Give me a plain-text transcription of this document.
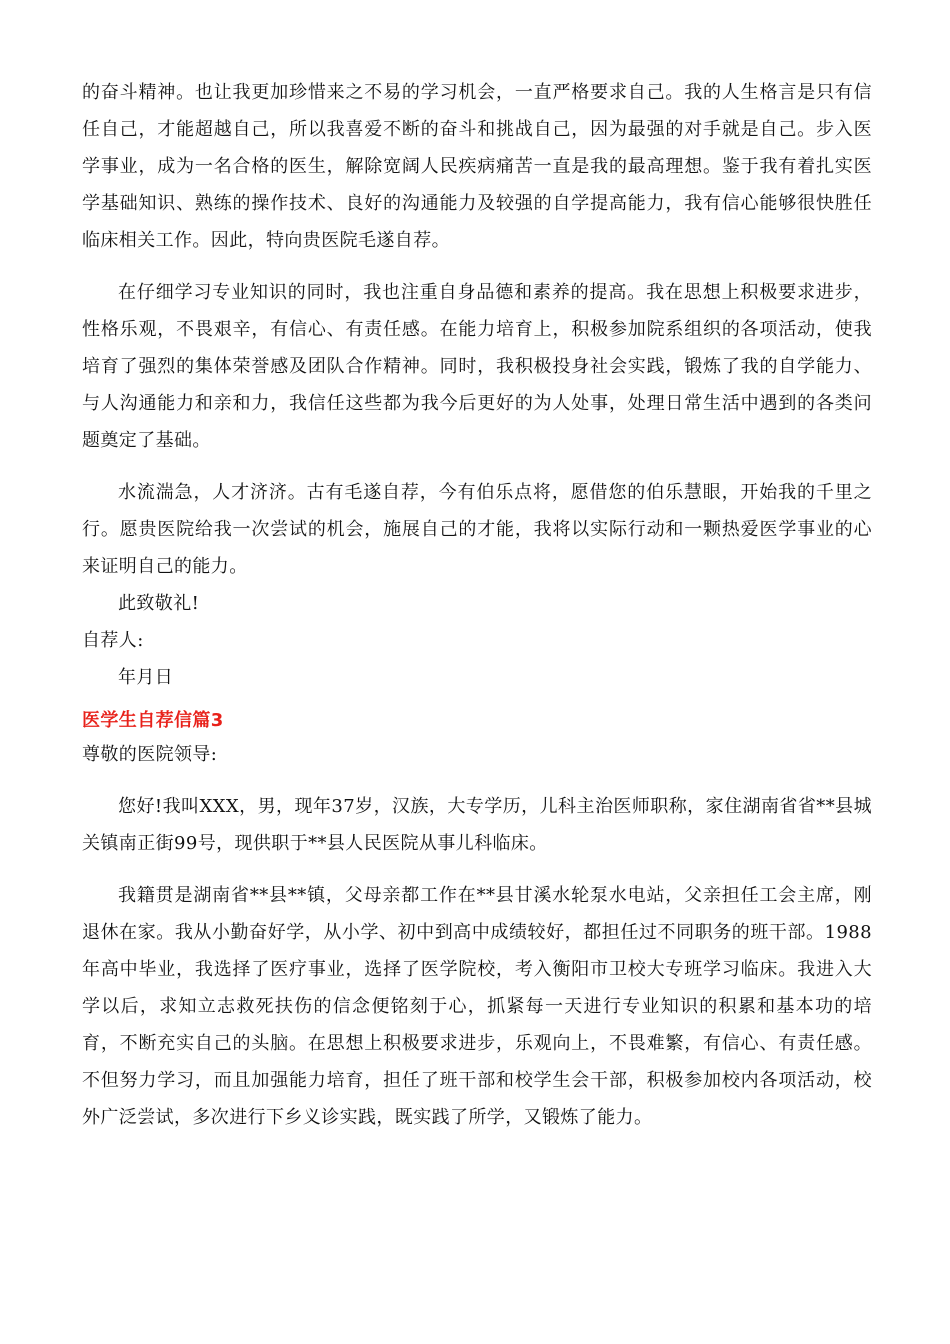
的奋斗精神。也让我更加珍惜来之不易的学习机会，一直严格要求自己。我的人生格言是只有信任自己，才能超越自己，所以我喜爱不断的奋斗和挑战自己，因为最强的对手就是自己。步入医学事业，成为一名合格的医生，解除宽阔人民疾病痛苦一直是我的最高理想。鉴于我有着扎实医学基础知识、熟练的操作技术、良好的沟通能力及较强的自学提高能力，我有信心能够很快胜任临床相关工作。因此，特向贵医院毛遂自荐。

在仔细学习专业知识的同时，我也注重自身品德和素养的提高。我在思想上积极要求进步，性格乐观，不畏艰辛，有信心、有责任感。在能力培育上，积极参加院系组织的各项活动，使我培育了强烈的集体荣誉感及团队合作精神。同时，我积极投身社会实践，锻炼了我的自学能力、与人沟通能力和亲和力，我信任这些都为我今后更好的为人处事，处理日常生活中遇到的各类问题奠定了基础。

水流湍急，人才济济。古有毛遂自荐，今有伯乐点将，愿借您的伯乐慧眼，开始我的千里之行。愿贵医院给我一次尝试的机会，施展自己的才能，我将以实际行动和一颗热爱医学事业的心来证明自己的能力。

此致敬礼!

自荐人:

年月日

医学生自荐信篇3

尊敬的医院领导:

您好!我叫XXX，男，现年37岁，汉族，大专学历，儿科主治医师职称，家住湖南省省**县城关镇南正街99号，现供职于**县人民医院从事儿科临床。

我籍贯是湖南省**县**镇，父母亲都工作在**县甘溪水轮泵水电站，父亲担任工会主席，刚退休在家。我从小勤奋好学，从小学、初中到高中成绩较好，都担任过不同职务的班干部。1988年高中毕业，我选择了医疗事业，选择了医学院校，考入衡阳市卫校大专班学习临床。我进入大学以后，求知立志救死扶伤的信念便铭刻于心，抓紧每一天进行专业知识的积累和基本功的培育，不断充实自己的头脑。在思想上积极要求进步，乐观向上，不畏难繁，有信心、有责任感。不但努力学习，而且加强能力培育，担任了班干部和校学生会干部，积极参加校内各项活动，校外广泛尝试，多次进行下乡义诊实践，既实践了所学，又锻炼了能力。
